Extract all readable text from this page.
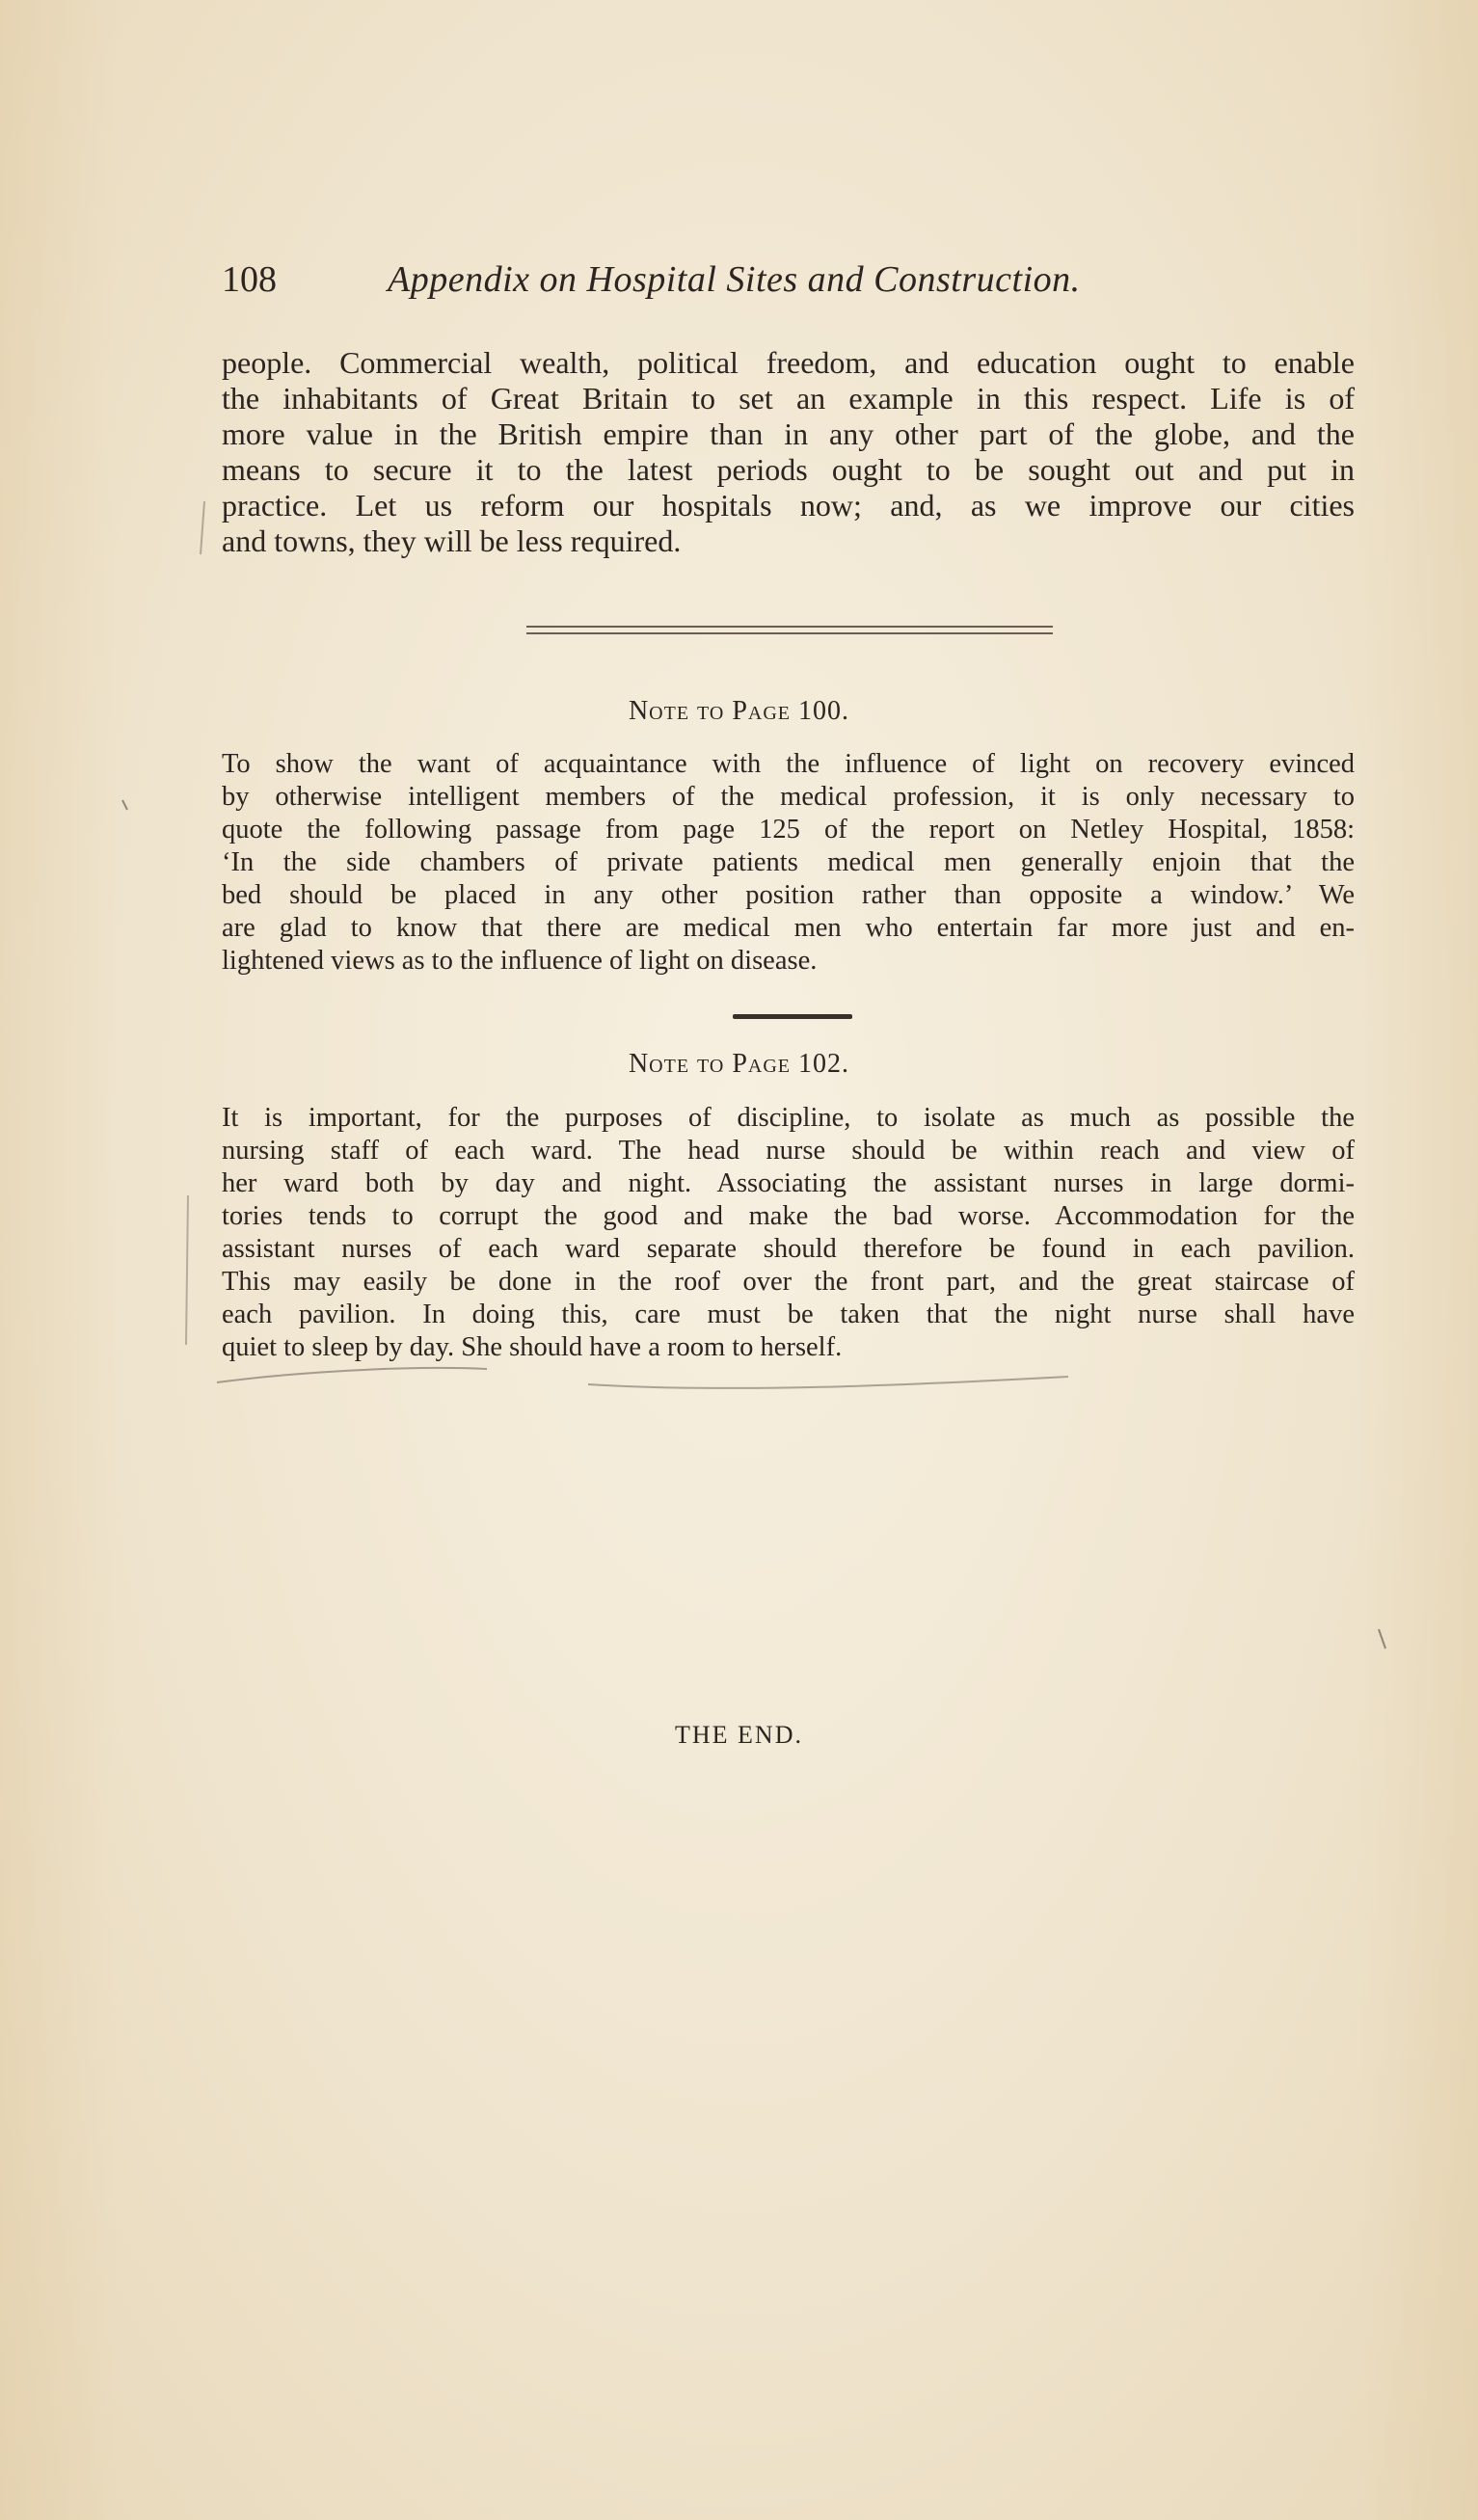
108	Appendix on Hospital Sites and Construction.

people. Commercial wealth, political freedom, and education ought to enable
the inhabitants of Great Britain to set an example in this respect. Life is of
more value in the British empire than in any other part of the globe, and the
means to secure it to the latest periods ought to be sought out and put in
practice. Let us reform our hospitals now; and, as we improve our cities
and towns, they will be less required.

Note to Page 100.

To show the want of acquaintance with the influence of light on recovery evinced
by otherwise intelligent members of the medical profession, it is only necessary to
quote the following passage from page 125 of the report on Netley Hospital, 1858:
‘In the side chambers of private patients medical men generally enjoin that the
bed should be placed in any other position rather than opposite a window.’ We
are glad to know that there are medical men who entertain far more just and en-
lightened views as to the influence of light on disease.

Note to Page 102.

It is important, for the purposes of discipline, to isolate as much as possible the
nursing staff of each ward. The head nurse should be within reach and view of
her ward both by day and night. Associating the assistant nurses in large dormi-
tories tends to corrupt the good and make the bad worse. Accommodation for the
assistant nurses of each ward separate should therefore be found in each pavilion.
This may easily be done in the roof over the front part, and the great staircase of
each pavilion. In doing this, care must be taken that the night nurse shall have
quiet to sleep by day. She should have a room to herself.

THE END.
